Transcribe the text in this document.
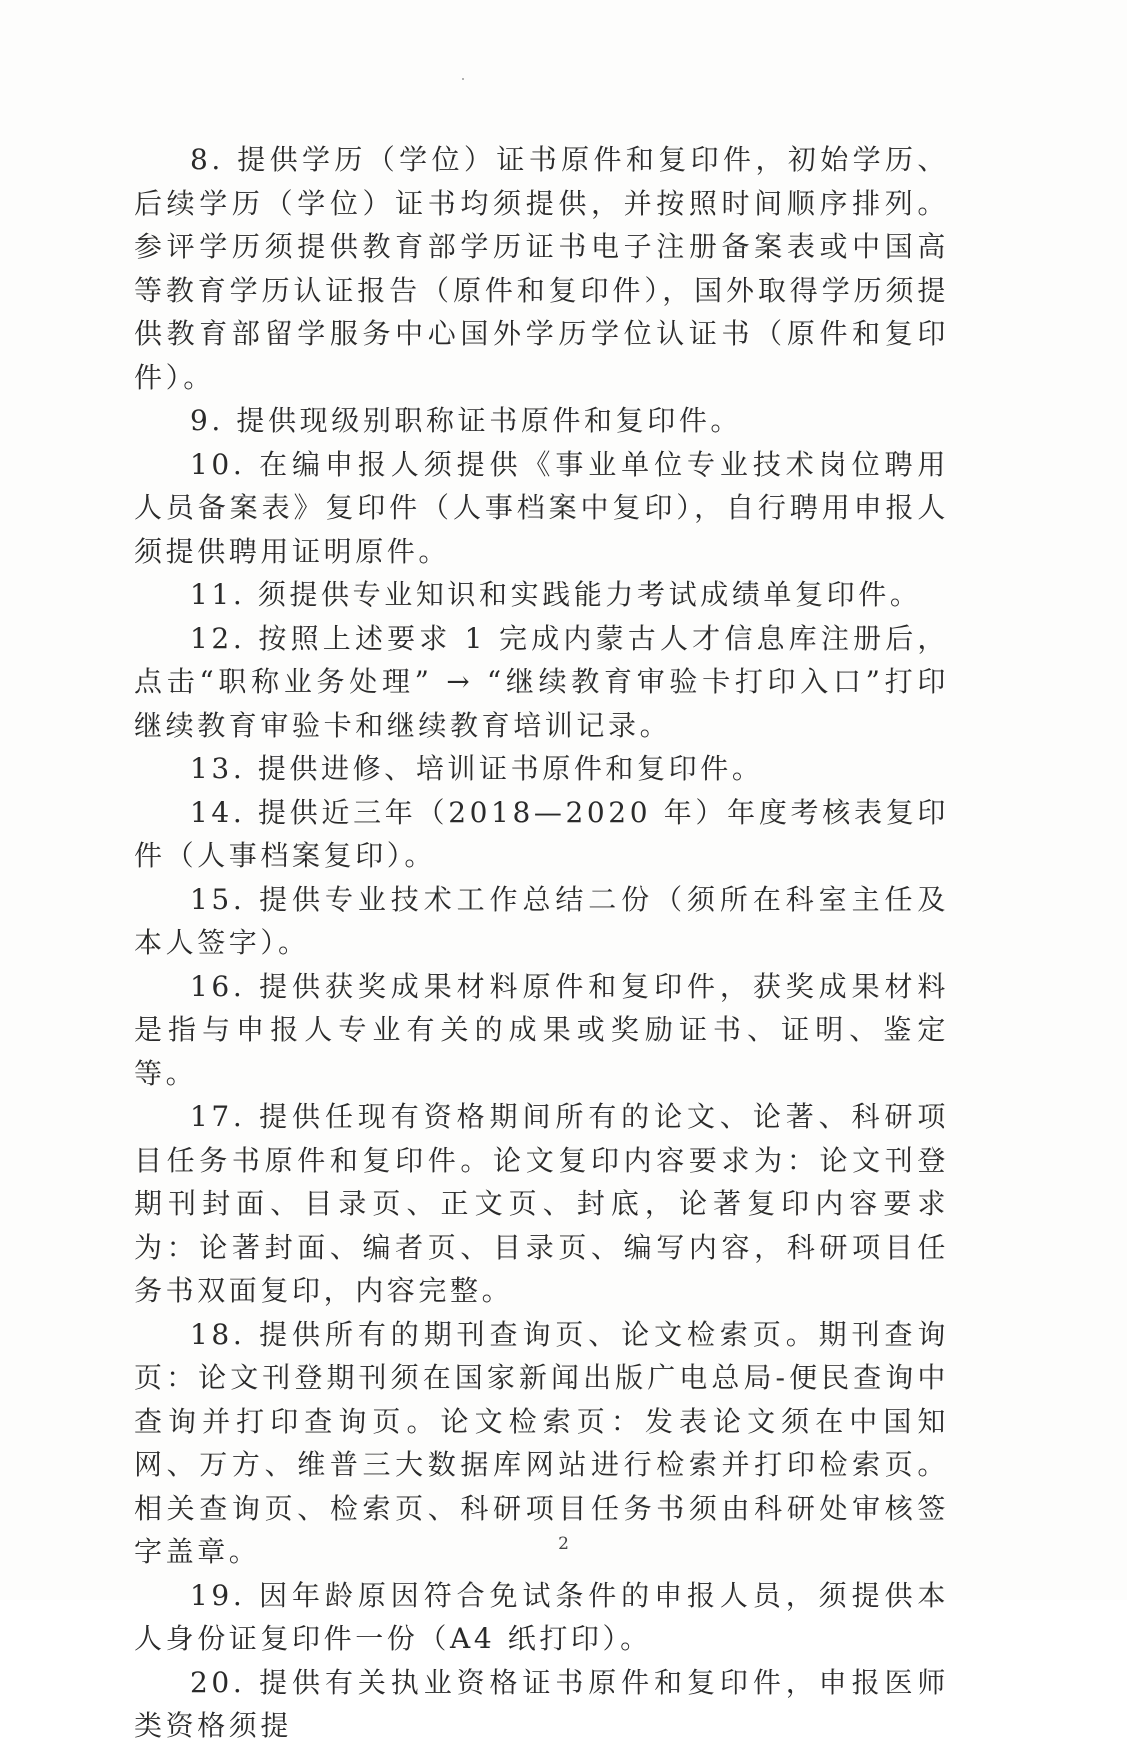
8. 提供学历（学位）证书原件和复印件，初始学历、后续学历（学位）证书均须提供，并按照时间顺序排列。参评学历须提供教育部学历证书电子注册备案表或中国高等教育学历认证报告（原件和复印件），国外取得学历须提供教育部留学服务中心国外学历学位认证书（原件和复印件）。

9. 提供现级别职称证书原件和复印件。

10. 在编申报人须提供《事业单位专业技术岗位聘用人员备案表》复印件（人事档案中复印），自行聘用申报人须提供聘用证明原件。

11. 须提供专业知识和实践能力考试成绩单复印件。

12. 按照上述要求 1 完成内蒙古人才信息库注册后，点击“职称业务处理” → “继续教育审验卡打印入口”打印继续教育审验卡和继续教育培训记录。

13. 提供进修、培训证书原件和复印件。

14. 提供近三年（2018—2020 年）年度考核表复印件（人事档案复印）。

15. 提供专业技术工作总结二份（须所在科室主任及本人签字）。

16. 提供获奖成果材料原件和复印件，获奖成果材料是指与申报人专业有关的成果或奖励证书、证明、鉴定等。

17. 提供任现有资格期间所有的论文、论著、科研项目任务书原件和复印件。论文复印内容要求为：论文刊登期刊封面、目录页、正文页、封底，论著复印内容要求为：论著封面、编者页、目录页、编写内容，科研项目任务书双面复印，内容完整。

18. 提供所有的期刊查询页、论文检索页。期刊查询页：论文刊登期刊须在国家新闻出版广电总局-便民查询中查询并打印查询页。论文检索页：发表论文须在中国知网、万方、维普三大数据库网站进行检索并打印检索页。相关查询页、检索页、科研项目任务书须由科研处审核签字盖章。

19. 因年龄原因符合免试条件的申报人员，须提供本人身份证复印件一份（A4 纸打印）。

20. 提供有关执业资格证书原件和复印件，申报医师类资格须提

2
